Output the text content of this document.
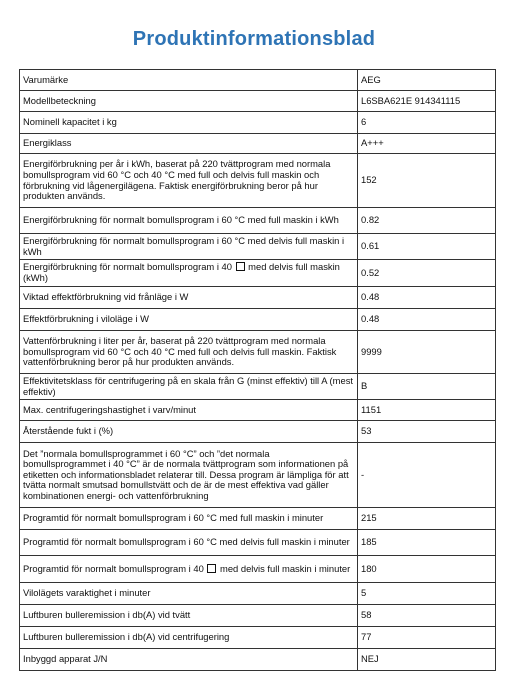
Produktinformationsblad
Varumärke	AEG
Modellbeteckning	L6SBA621E 914341115
Nominell kapacitet i kg	6
Energiklass	A+++
Energiförbrukning per år i kWh, baserat på 220 tvättprogram med normala bomullsprogram vid 60 °C och 40 °C med full och delvis full maskin och förbrukning vid lågenergilägena. Faktisk energiförbrukning beror på hur produkten används.	152
Energiförbrukning för normalt bomullsprogram i 60 °C med full maskin i kWh	0.82
Energiförbrukning för normalt bomullsprogram i 60 °C med delvis full maskin i kWh	0.61
Energiförbrukning för normalt bomullsprogram i 40  med delvis full maskin (kWh)	0.52
Viktad effektförbrukning vid frånläge i W	0.48
Effektförbrukning i viloläge i W	0.48
Vattenförbrukning i liter per år, baserat på 220 tvättprogram med normala bomullsprogram vid 60 °C och 40 °C med full och delvis full maskin. Faktisk vattenförbrukning beror på hur produkten används.	9999
Effektivitetsklass för centrifugering på en skala från G (minst effektiv) till A (mest effektiv)	B
Max. centrifugeringshastighet i varv/minut	1151
Återstående fukt i (%)	53
Det ”normala bomullsprogrammet i 60 °C” och ”det normala bomullsprogrammet i 40 °C” är de normala tvättprogram som informationen på etiketten och informationsbladet relaterar till. Dessa program är lämpliga för att tvätta normalt smutsad bomullstvätt och de är de mest effektiva vad gäller kombinationen energi- och vattenförbrukning	-
Programtid för normalt bomullsprogram i 60 °C med full maskin i minuter	215
Programtid för normalt bomullsprogram i 60 °C med delvis full maskin i minuter	185
Programtid för normalt bomullsprogram i 40  med delvis full maskin i minuter	180
Vilolägets varaktighet i minuter	5
Luftburen bulleremission i db(A) vid tvätt	58
Luftburen bulleremission i db(A) vid centrifugering	77
Inbyggd apparat J/N	NEJ
